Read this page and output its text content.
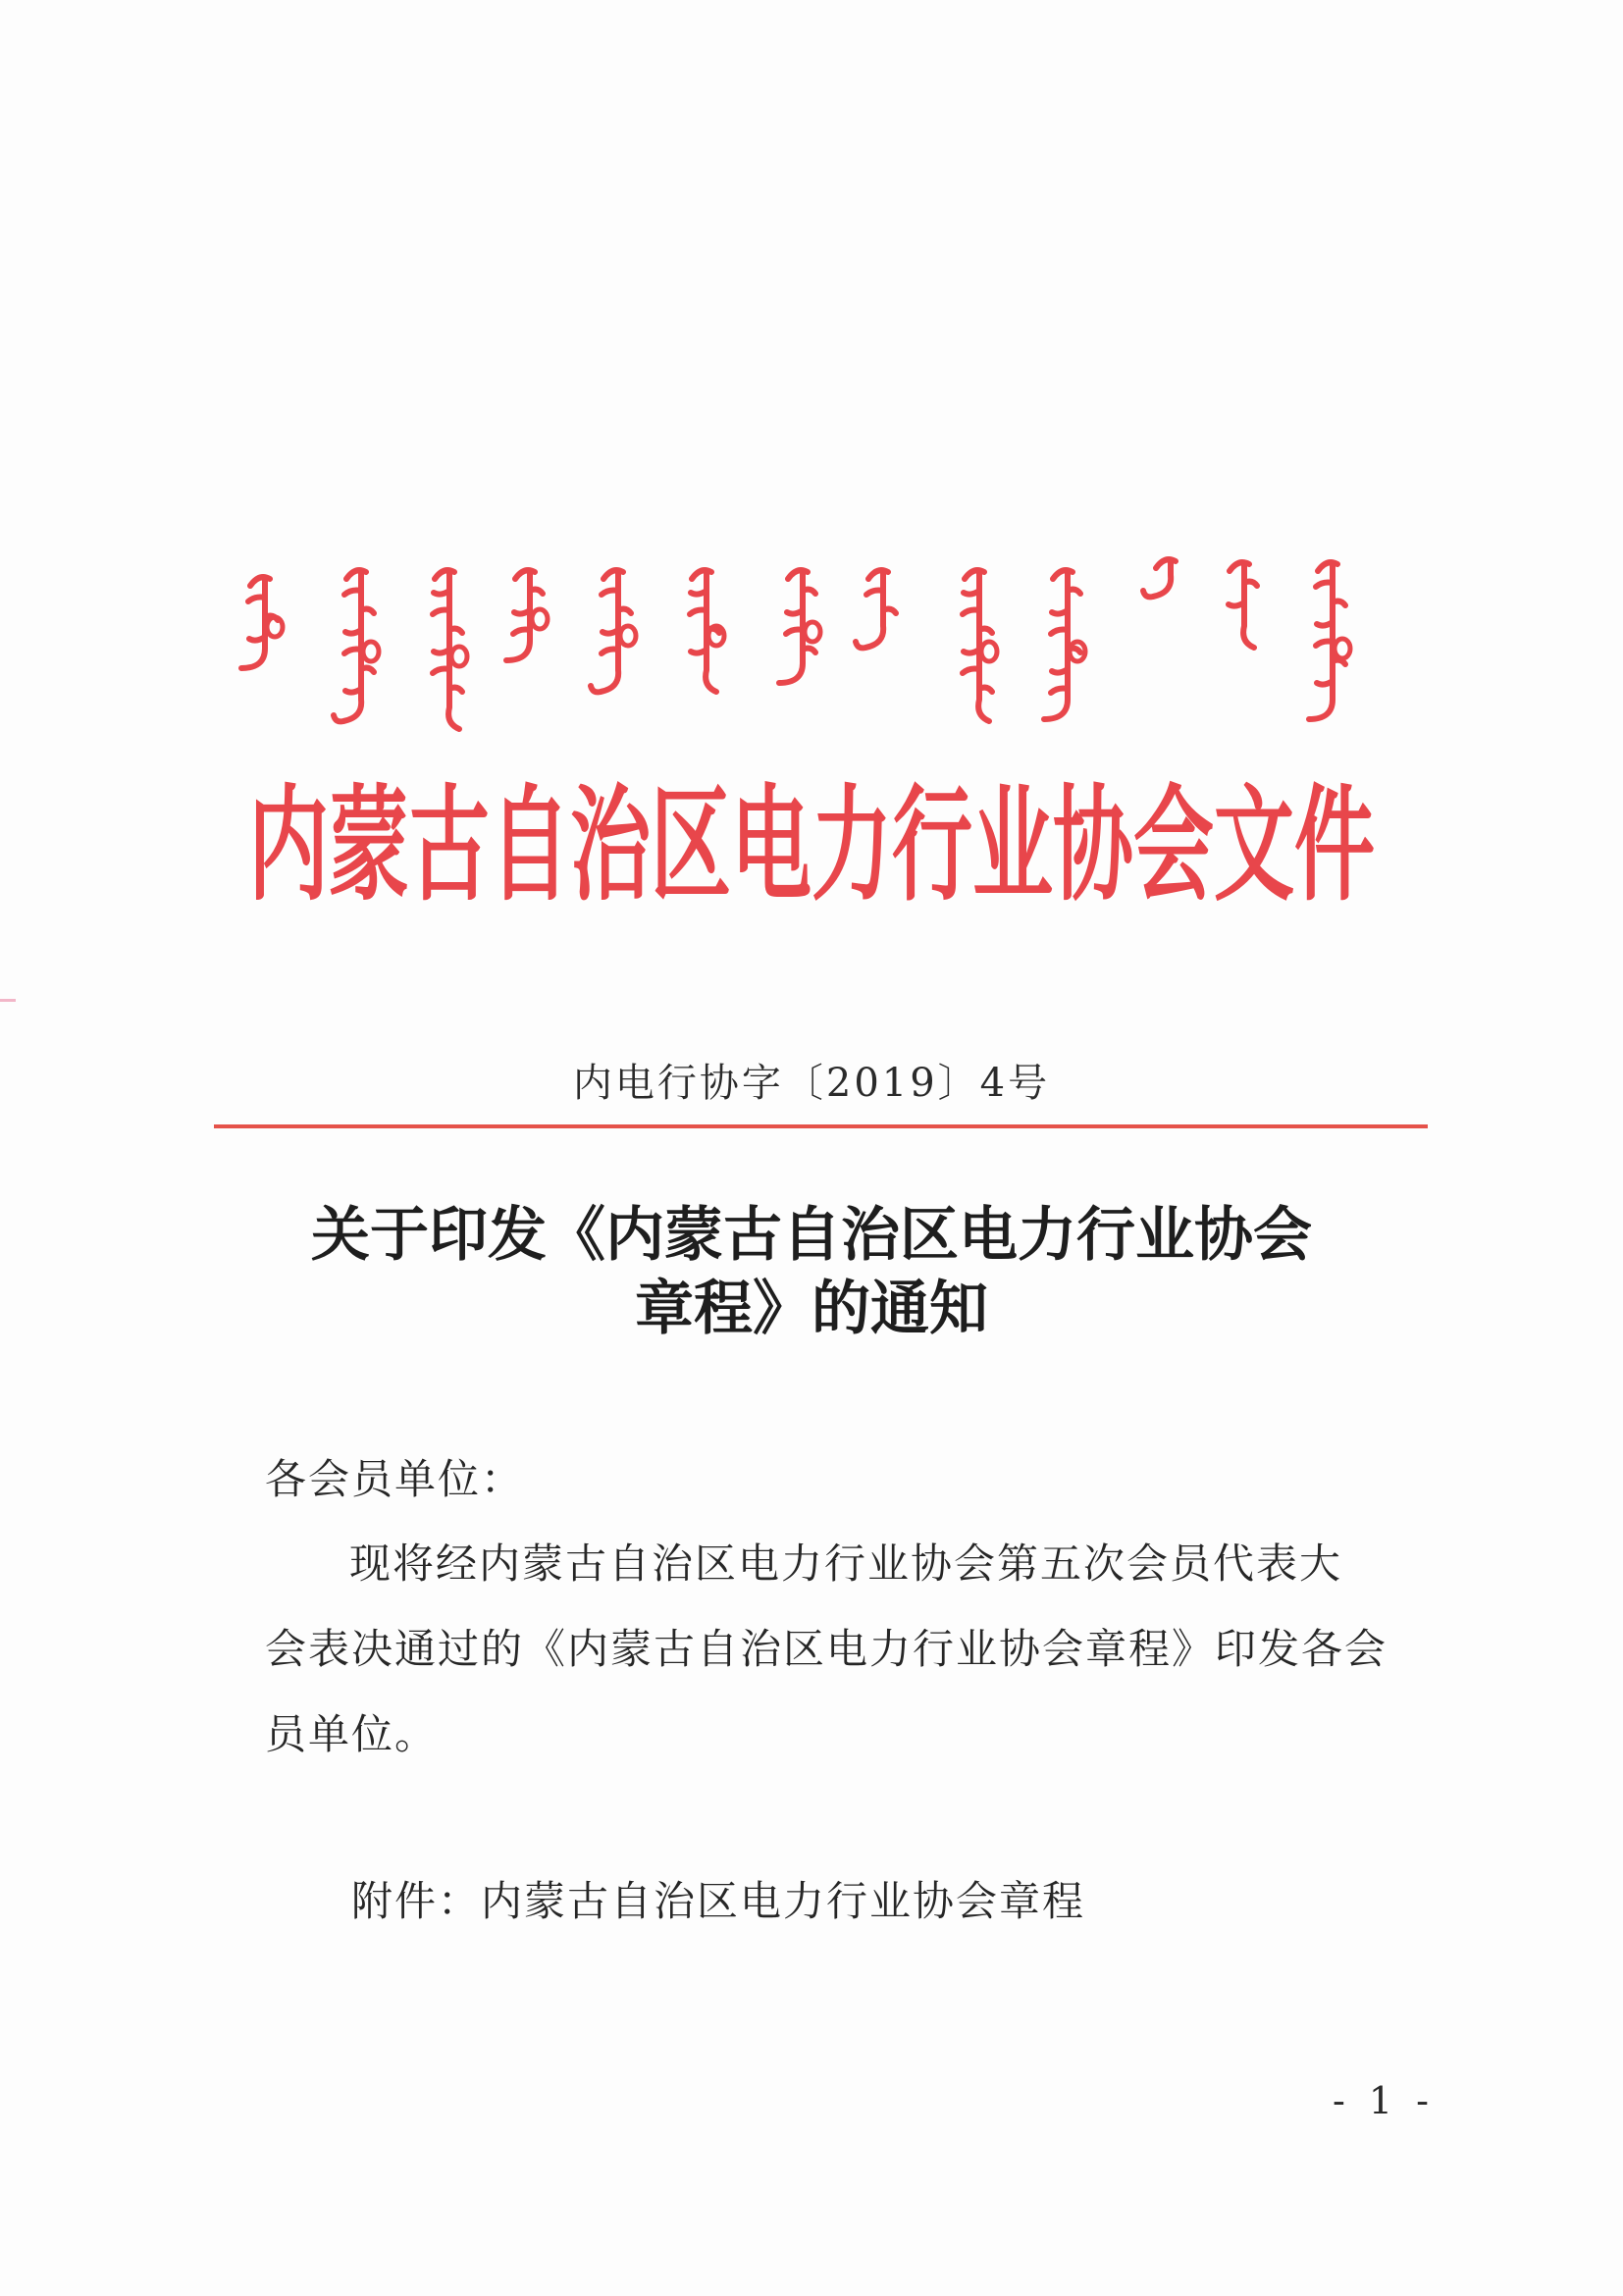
内蒙古自治区电力行业协会文件
内电行协字〔2019〕4号
关于印发《内蒙古自治区电力行业协会
章程》的通知
各会员单位：
现将经内蒙古自治区电力行业协会第五次会员代表大
会表决通过的《内蒙古自治区电力行业协会章程》印发各会
员单位。
附件：内蒙古自治区电力行业协会章程
- 1 -
